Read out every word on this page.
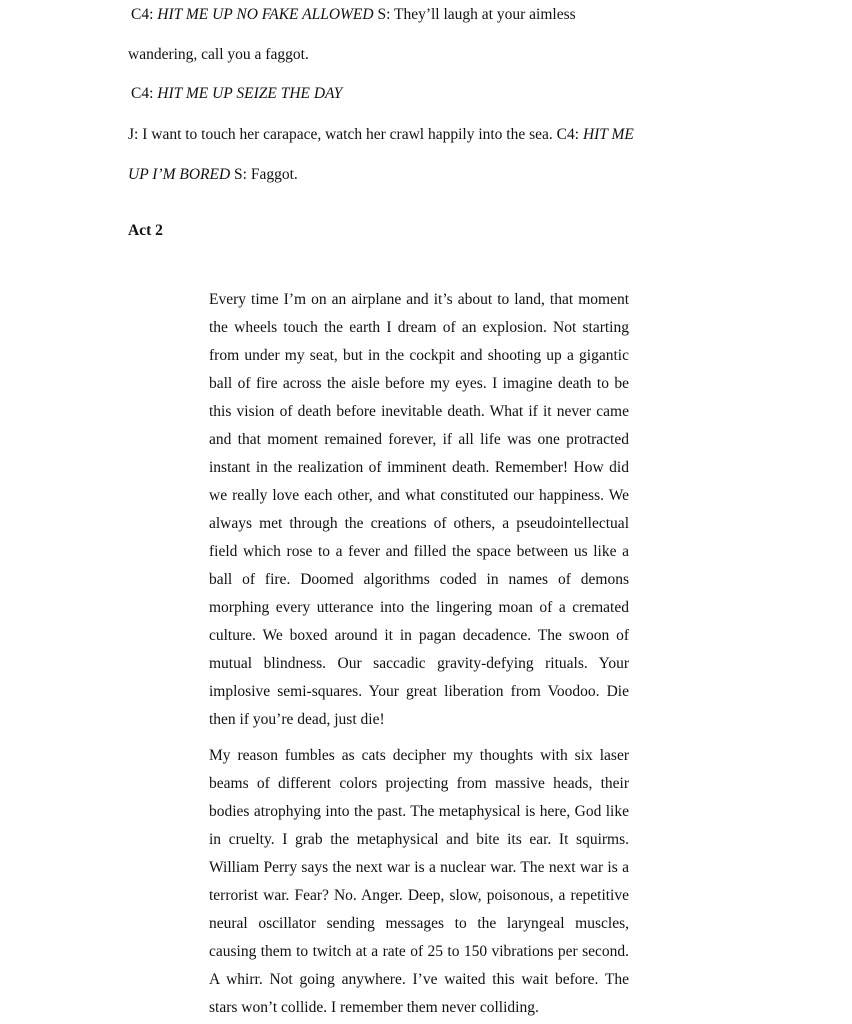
C4: HIT ME UP NO FAKE ALLOWED S: They’ll laugh at your aimless
wandering, call you a faggot.
C4: HIT ME UP SEIZE THE DAY
J: I want to touch her carapace, watch her crawl happily into the sea. C4: HIT ME
UP I’M BORED S: Faggot.
Act 2

Every time I’m on an airplane and it’s about to land, that moment the wheels touch the earth I dream of an explosion. Not starting from under my seat, but in the cockpit and shooting up a gigantic ball of fire across the aisle before my eyes. I imagine death to be this vision of death before inevitable death. What if it never came and that moment remained forever, if all life was one protracted instant in the realization of imminent death. Remember! How did we really love each other, and what constituted our happiness. We always met through the creations of others, a pseudointellectual field which rose to a fever and filled the space between us like a ball of fire. Doomed algorithms coded in names of demons morphing every utterance into the lingering moan of a cremated culture. We boxed around it in pagan decadence. The swoon of mutual blindness. Our saccadic gravity-defying rituals. Your implosive semi-squares. Your great liberation from Voodoo. Die then if you’re dead, just die!

My reason fumbles as cats decipher my thoughts with six laser beams of different colors projecting from massive heads, their bodies atrophying into the past. The metaphysical is here, God like in cruelty. I grab the metaphysical and bite its ear. It squirms. William Perry says the next war is a nuclear war. The next war is a terrorist war. Fear? No. Anger. Deep, slow, poisonous, a repetitive neural oscillator sending messages to the laryngeal muscles, causing them to twitch at a rate of 25 to 150 vibrations per second. A whirr. Not going anywhere. I’ve waited this wait before. The stars won’t collide. I remember them never colliding.
